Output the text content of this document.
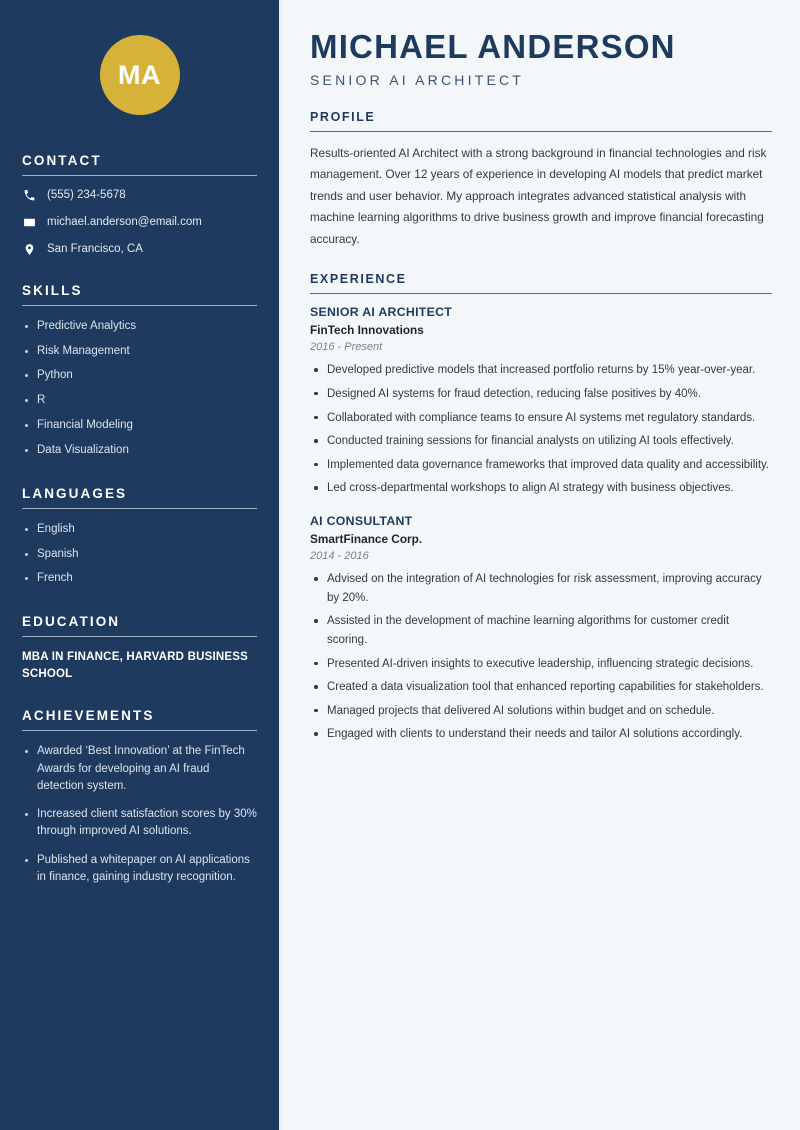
MA
CONTACT
(555) 234-5678
michael.anderson@email.com
San Francisco, CA
SKILLS
Predictive Analytics
Risk Management
Python
R
Financial Modeling
Data Visualization
LANGUAGES
English
Spanish
French
EDUCATION
MBA IN FINANCE, HARVARD BUSINESS SCHOOL
ACHIEVEMENTS
Awarded ‘Best Innovation’ at the FinTech Awards for developing an AI fraud detection system.
Increased client satisfaction scores by 30% through improved AI solutions.
Published a whitepaper on AI applications in finance, gaining industry recognition.
MICHAEL ANDERSON
SENIOR AI ARCHITECT
PROFILE

Results-oriented AI Architect with a strong background in financial technologies and risk management. Over 12 years of experience in developing AI models that predict market trends and user behavior. My approach integrates advanced statistical analysis with machine learning algorithms to drive business growth and improve financial forecasting accuracy.

EXPERIENCE
SENIOR AI ARCHITECT
FinTech Innovations
2016 - Present
Developed predictive models that increased portfolio returns by 15% year-over-year.
Designed AI systems for fraud detection, reducing false positives by 40%.
Collaborated with compliance teams to ensure AI systems met regulatory standards.
Conducted training sessions for financial analysts on utilizing AI tools effectively.
Implemented data governance frameworks that improved data quality and accessibility.
Led cross-departmental workshops to align AI strategy with business objectives.
AI CONSULTANT
SmartFinance Corp.
2014 - 2016
Advised on the integration of AI technologies for risk assessment, improving accuracy by 20%.
Assisted in the development of machine learning algorithms for customer credit scoring.
Presented AI-driven insights to executive leadership, influencing strategic decisions.
Created a data visualization tool that enhanced reporting capabilities for stakeholders.
Managed projects that delivered AI solutions within budget and on schedule.
Engaged with clients to understand their needs and tailor AI solutions accordingly.
